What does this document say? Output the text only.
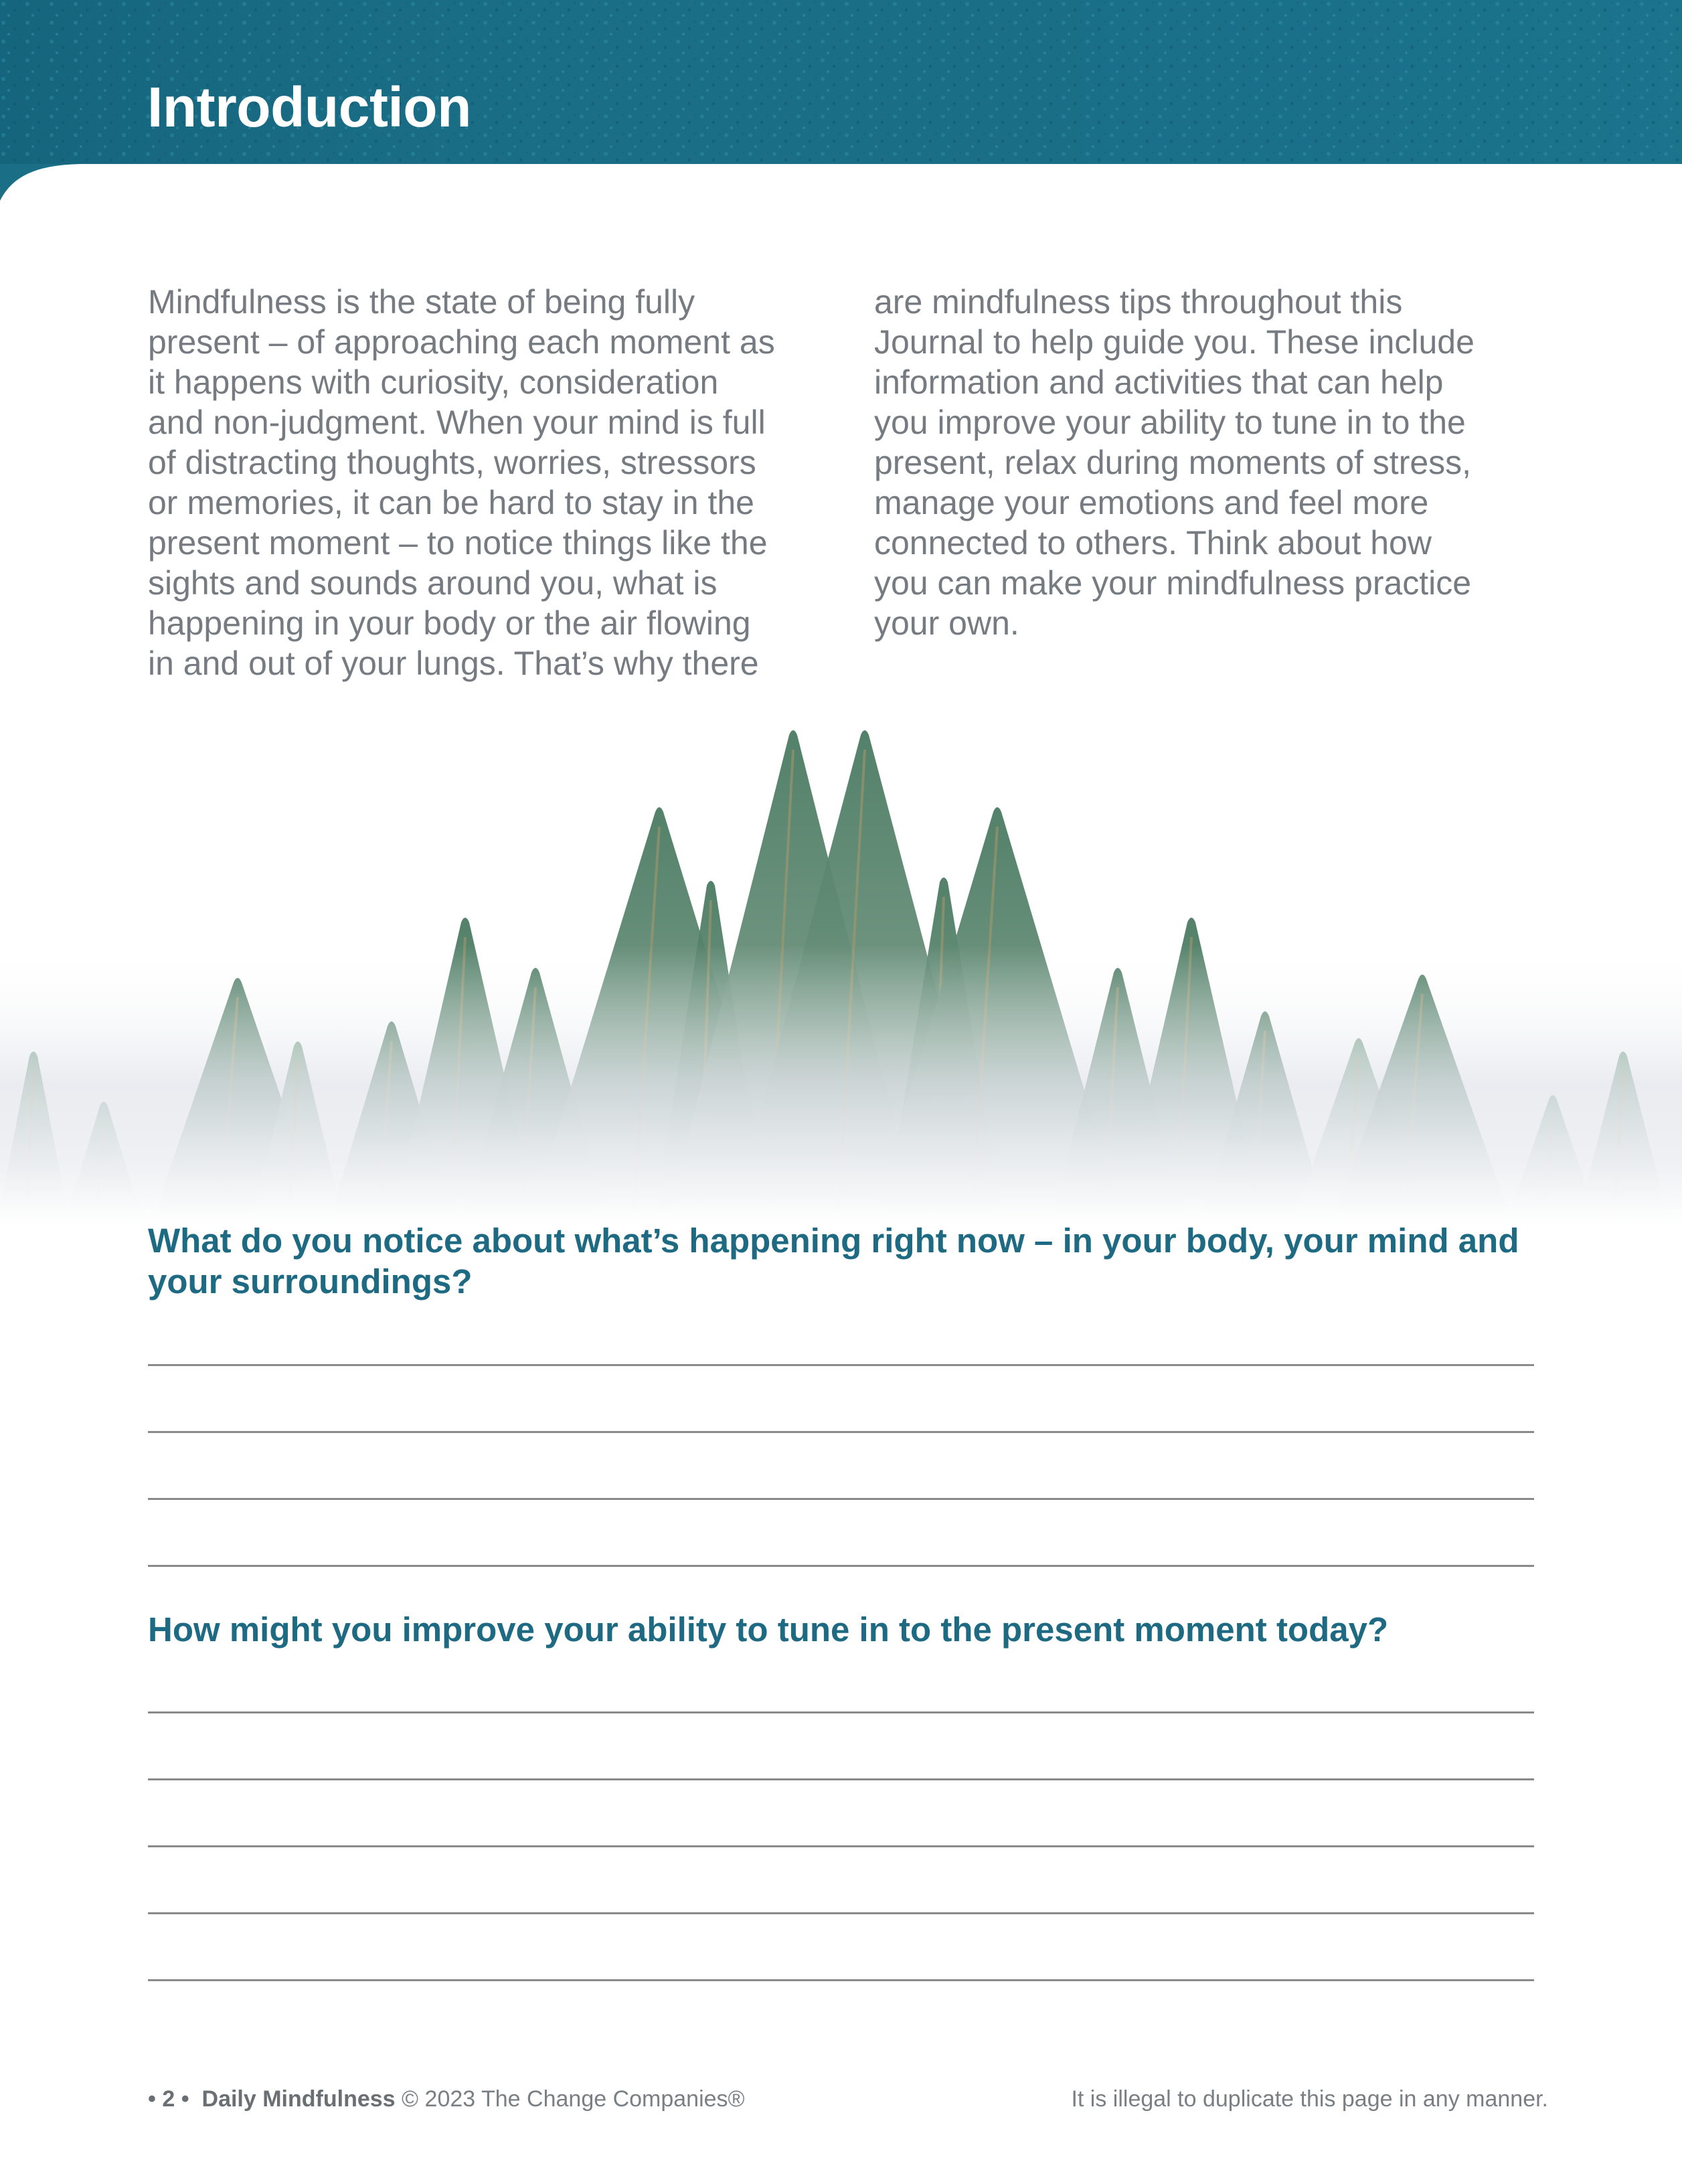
Introduction
Mindfulness is the state of being fully
present – of approaching each moment as
it happens with curiosity, consideration
and non-judgment. When your mind is full
of distracting thoughts, worries, stressors
or memories, it can be hard to stay in the
present moment – to notice things like the
sights and sounds around you, what is
happening in your body or the air flowing
in and out of your lungs. That’s why there
are mindfulness tips throughout this
Journal to help guide you. These include
information and activities that can help
you improve your ability to tune in to the
present, relax during moments of stress,
manage your emotions and feel more
connected to others. Think about how
you can make your mindfulness practice
your own.
What do you notice about what’s happening right now – in your body, your mind and
your surroundings?
How might you improve your ability to tune in to the present moment today?
• 2 • Daily Mindfulness © 2023 The Change Companies®	It is illegal to duplicate this page in any manner.
